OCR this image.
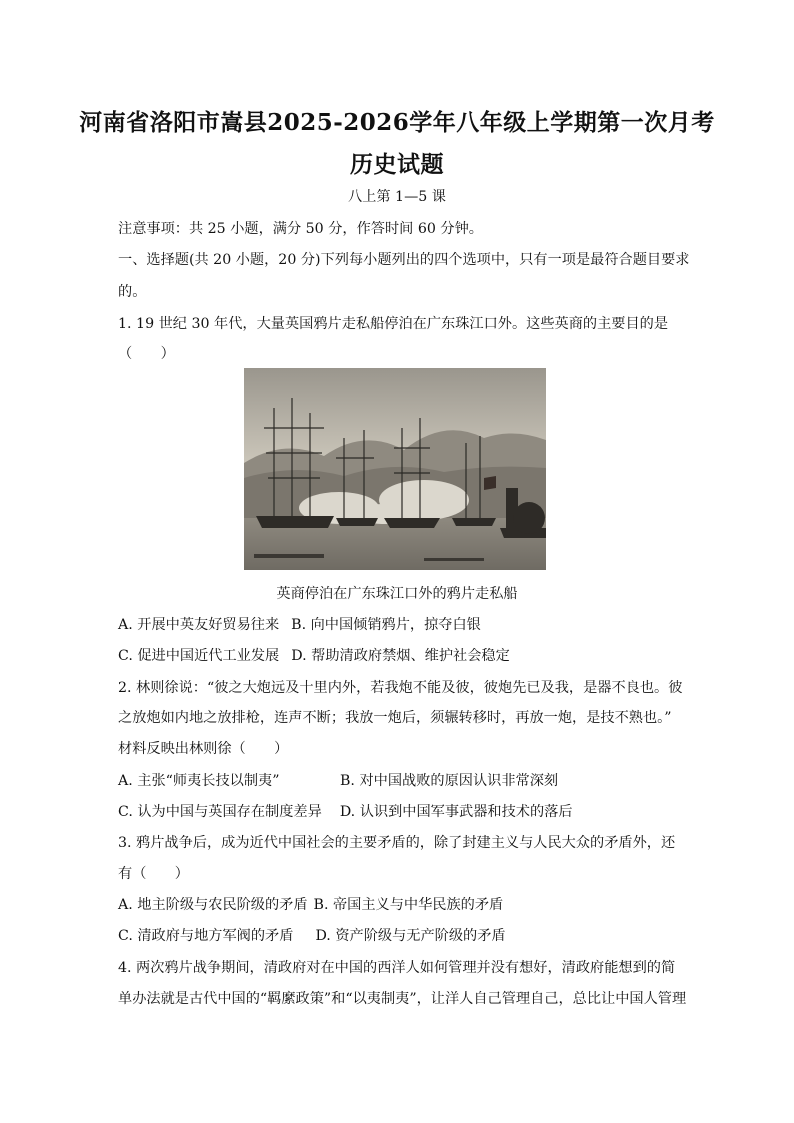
河南省洛阳市嵩县2025-2026学年八年级上学期第一次月考
历史试题
八上第 1—5 课
注意事项：共 25 小题，满分 50 分，作答时间 60 分钟。
一、选择题(共 20 小题，20 分)下列每小题列出的四个选项中，只有一项是最符合题目要求
的。
1. 19 世纪 30 年代，大量英国鸦片走私船停泊在广东珠江口外。这些英商的主要目的是
（　　）
英商停泊在广东珠江口外的鸦片走私船
A. 开展中英友好贸易往来 B. 向中国倾销鸦片，掠夺白银
C. 促进中国近代工业发展 D. 帮助清政府禁烟、维护社会稳定
2. 林则徐说：“彼之大炮远及十里内外，若我炮不能及彼，彼炮先已及我，是器不良也。彼
之放炮如内地之放排枪，连声不断；我放一炮后，须辗转移时，再放一炮，是技不熟也。”
材料反映出林则徐（　　）
A. 主张“师夷长技以制夷”	B. 对中国战败的原因认识非常深刻
C. 认为中国与英国存在制度差异 D. 认识到中国军事武器和技术的落后
3. 鸦片战争后，成为近代中国社会的主要矛盾的，除了封建主义与人民大众的矛盾外，还
有（　　）
A. 地主阶级与农民阶级的矛盾 B. 帝国主义与中华民族的矛盾
C. 清政府与地方军阀的矛盾 D. 资产阶级与无产阶级的矛盾
4. 两次鸦片战争期间，清政府对在中国的西洋人如何管理并没有想好，清政府能想到的简
单办法就是古代中国的“羁縻政策”和“以夷制夷”，让洋人自己管理自己，总比让中国人管理
